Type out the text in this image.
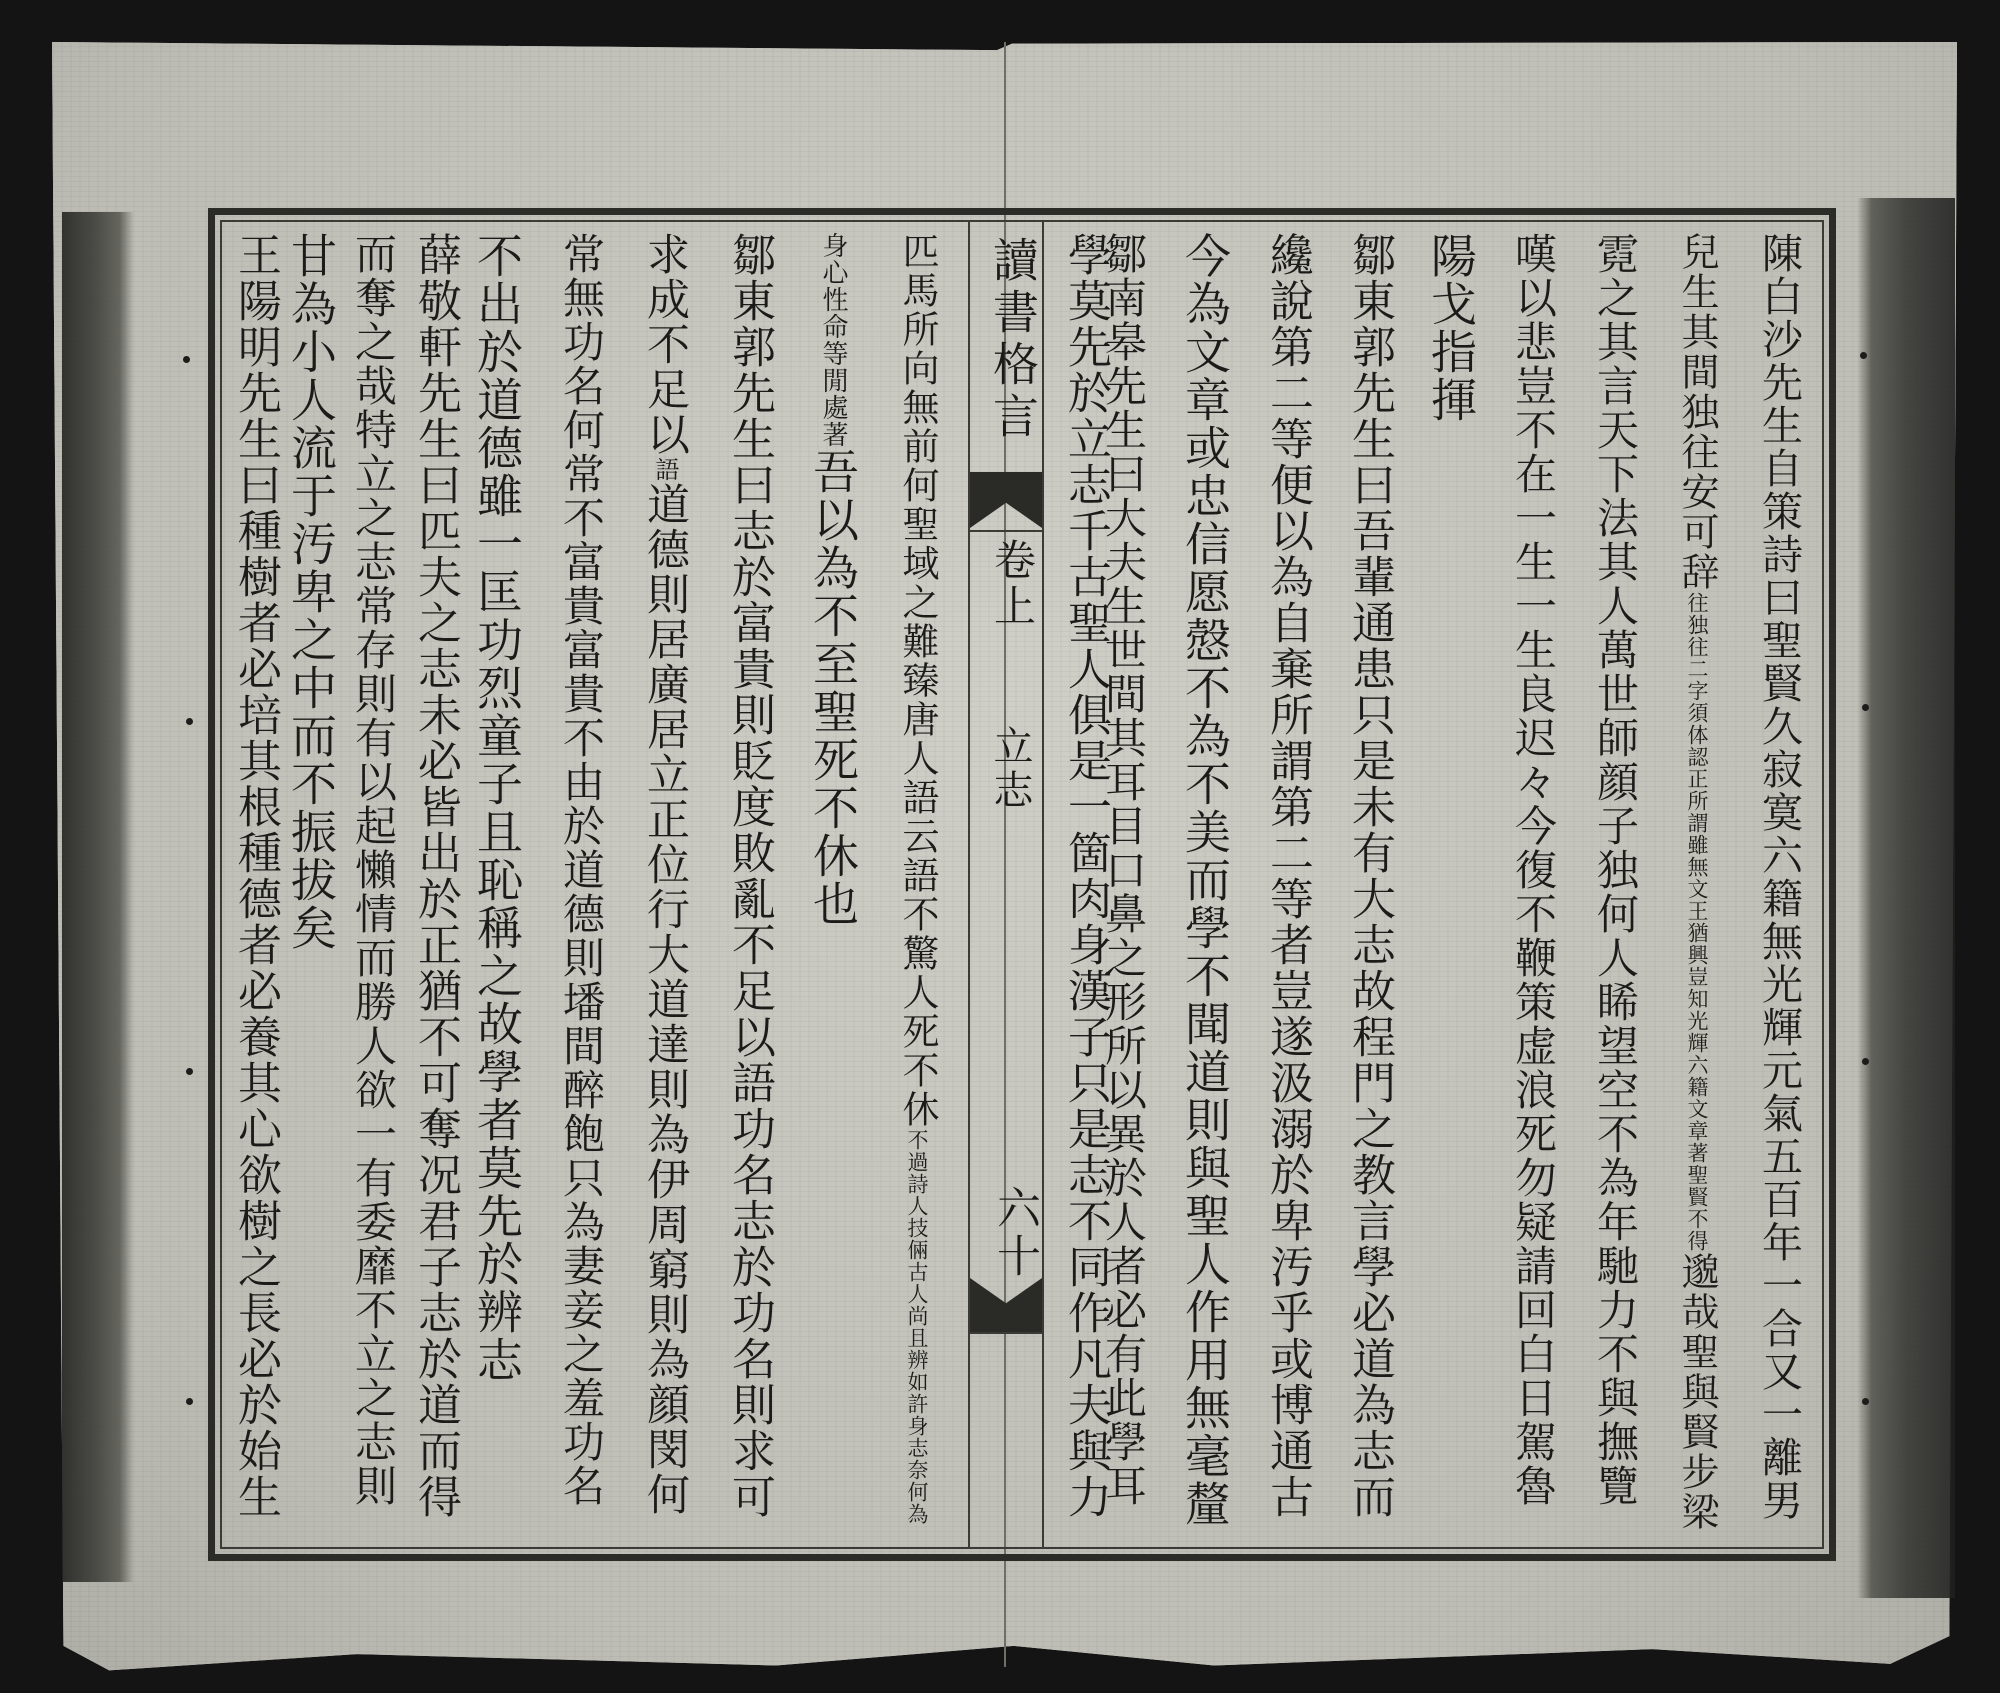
讀書格言
卷上
立志
六十	陳白沙先生自策詩曰聖賢久寂寞六籍無光輝元氣五百年一合又一離男
兒生其間独往安可辞往独往二字須体認正所謂雖無文王猶興豈知光輝六籍文章著聖賢不得邈哉聖與賢步梁
霓之其言天下法其人萬世師顔子独何人睎望空不為年馳力不與撫覽
嘆以悲豈不在一生一生良迟々今復不鞭策虚浪死勿疑請回白日駕魯
陽戈指揮
鄒東郭先生曰吾輩通患只是未有大志故程門之教言學必道為志而
纔說第二等便以為自棄所謂第二等者豈遂汲溺於卑汚乎或博通古
今為文章或忠信愿慤不為不美而學不聞道則與聖人作用無毫釐
鄒南皋先生曰大夫生世間其耳目口鼻之形所以異於人者必有此學耳
匹馬所向無前何聖域之難臻唐人語云語不驚人死不休不過詩人技倆古人尚且辨如許身志奈何為
身心性命等閒處著吾以為不至聖死不休也
鄒東郭先生曰志於富貴則貶度敗亂不足以語功名志於功名則求可
求成不足以語道德則居廣居立正位行大道達則為伊周窮則為顔閔何
常無功名何常不富貴富貴不由於道德則墦間醉飽只為妻妾之羞功名
不出於道德雖一匡功烈童子且恥稱之故學者莫先於辨志
薛敬軒先生曰匹夫之志未必皆出於正猶不可奪况君子志於道而得
而奪之哉特立之志常存則有以起懶情而勝人欲一有委靡不立之志則
甘為小人流于汚卑之中而不振拔矣
王陽明先生曰種樹者必培其根種德者必養其心欲樹之長必於始生	學莫先於立志千古聖人俱是一箇肉身漢子只是志不同作凡夫與力
